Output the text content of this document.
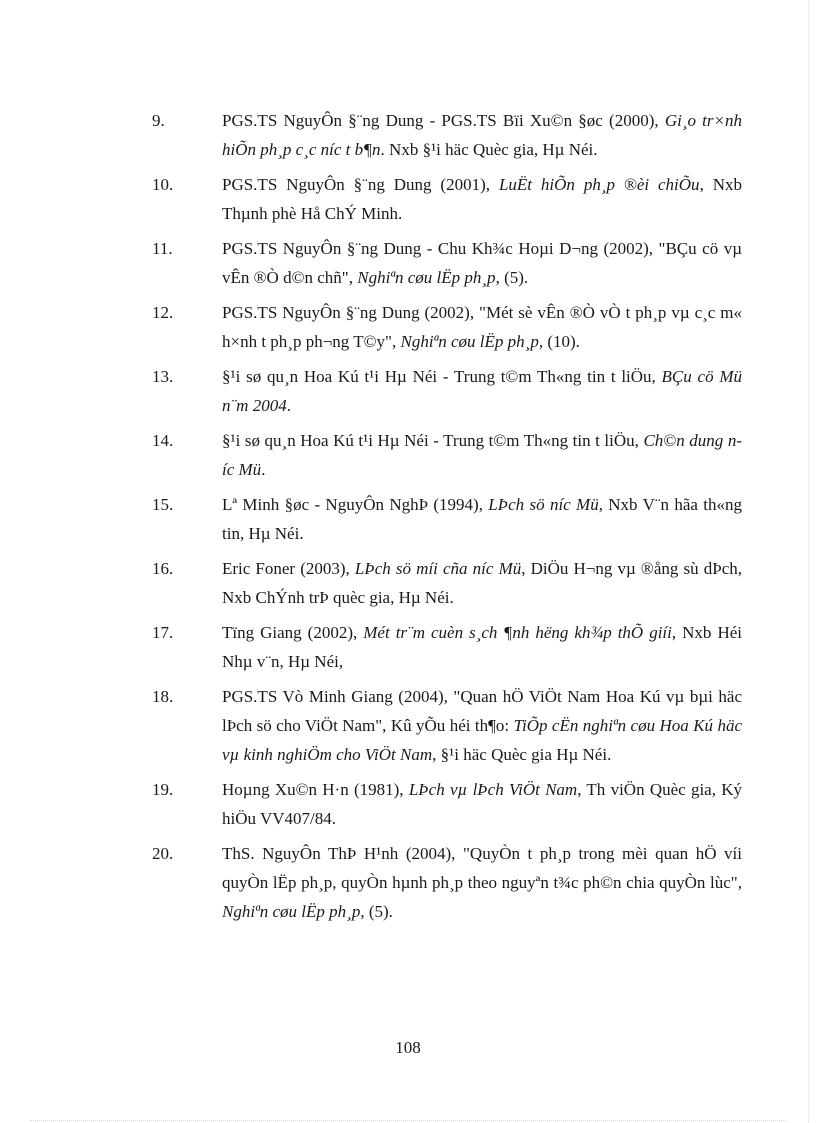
9.	PGS.TS NguyÔn §¨ng Dung - PGS.TS Bïi Xu©n §øc (2000), Gi¸o tr×nh hiÕn ph¸p c¸c níc t b¶n. Nxb §¹i häc Quèc gia, Hµ Néi.
10.	PGS.TS NguyÔn §¨ng Dung (2001), LuËt hiÕn ph¸p ®èi chiÕu, Nxb Thµnh phè Hå ChÝ Minh.
11.	PGS.TS NguyÔn §¨ng Dung - Chu Kh¾c Hoµi D¬ng (2002), "BÇu cö vµ vÊn ®Ò d©n chñ", Nghiªn cøu lËp ph¸p, (5).
12.	PGS.TS NguyÔn §¨ng Dung (2002), "Mét sè vÊn ®Ò vÒ t ph¸p vµ c¸c m« h×nh t ph¸p ph¬ng T©y", Nghiªn cøu lËp ph¸p, (10).
13.	§¹i sø qu¸n Hoa Kú t¹i Hµ Néi - Trung t©m Th«ng tin t liÖu, BÇu cö Mü n¨m 2004.
14.	§¹i sø qu¸n Hoa Kú t¹i Hµ Néi - Trung t©m Th«ng tin t liÖu, Ch©n dung níc Mü.
15.	Lª Minh §øc - NguyÔn NghÞ (1994), LÞch sö níc Mü, Nxb V¨n hãa th«ng tin, Hµ Néi.
16.	Eric Foner (2003), LÞch sö míi cña níc Mü, DiÖu H¬ng vµ ®ång sù dÞch, Nxb ChÝnh trÞ quèc gia, Hµ Néi.
17.	Tïng Giang (2002), Mét tr¨m cuèn s¸ch ¶nh hëng kh¾p thÕ giíi, Nxb Héi Nhµ v¨n, Hµ Néi,
18.	PGS.TS Vò Minh Giang (2004), "Quan hÖ ViÖt Nam Hoa Kú vµ bµi häc lÞch sö cho ViÖt Nam", Kû yÕu héi th¶o: TiÕp cËn nghiªn cøu Hoa Kú häc vµ kinh nghiÖm cho ViÖt Nam, §¹i häc Quèc gia Hµ Néi.
19.	Hoµng Xu©n H·n (1981), LÞch vµ lÞch ViÖt Nam, Th viÖn Quèc gia, Ký hiÖu VV407/84.
20.	ThS. NguyÔn ThÞ H¹nh (2004), "QuyÒn t ph¸p trong mèi quan hÖ víi quyÒn lËp ph¸p, quyÒn hµnh ph¸p theo nguyªn t¾c ph©n chia quyÒn lùc", Nghiªn cøu lËp ph¸p, (5).
108
